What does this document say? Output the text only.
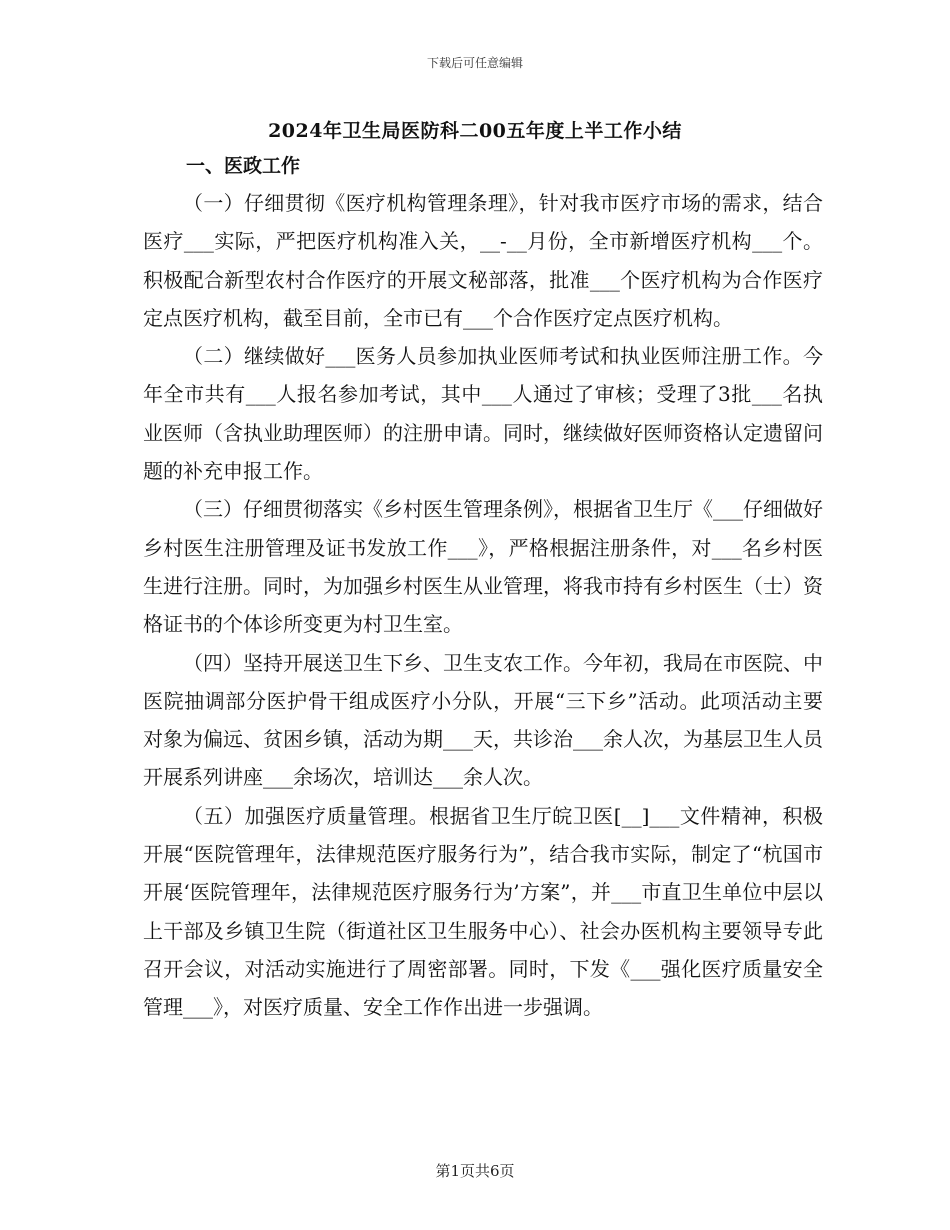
下载后可任意编辑
2024年卫生局医防科二00五年度上半工作小结
一、医政工作

（一）仔细贯彻《医疗机构管理条理》，针对我市医疗市场的需求，结合医疗___实际，严把医疗机构准入关，__-__月份，全市新增医疗机构___个。积极配合新型农村合作医疗的开展文秘部落，批准___个医疗机构为合作医疗定点医疗机构，截至目前，全市已有___个合作医疗定点医疗机构。

（二）继续做好___医务人员参加执业医师考试和执业医师注册工作。今年全市共有___人报名参加考试，其中___人通过了审核；受理了3批___名执业医师（含执业助理医师）的注册申请。同时，继续做好医师资格认定遗留问题的补充申报工作。

（三）仔细贯彻落实《乡村医生管理条例》，根据省卫生厅《___仔细做好乡村医生注册管理及证书发放工作___》，严格根据注册条件，对___名乡村医生进行注册。同时，为加强乡村医生从业管理，将我市持有乡村医生（士）资格证书的个体诊所变更为村卫生室。

（四）坚持开展送卫生下乡、卫生支农工作。今年初，我局在市医院、中医院抽调部分医护骨干组成医疗小分队，开展“三下乡”活动。此项活动主要对象为偏远、贫困乡镇，活动为期___天，共诊治___余人次，为基层卫生人员开展系列讲座___余场次，培训达___余人次。

（五）加强医疗质量管理。根据省卫生厅皖卫医[__]___文件精神，积极开展“医院管理年，法律规范医疗服务行为”，结合我市实际，制定了“杭国市开展‘医院管理年，法律规范医疗服务行为’方案”，并___市直卫生单位中层以上干部及乡镇卫生院（街道社区卫生服务中心）、社会办医机构主要领导专此召开会议，对活动实施进行了周密部署。同时，下发《___强化医疗质量安全管理___》，对医疗质量、安全工作作出进一步强调。

第1页共6页
